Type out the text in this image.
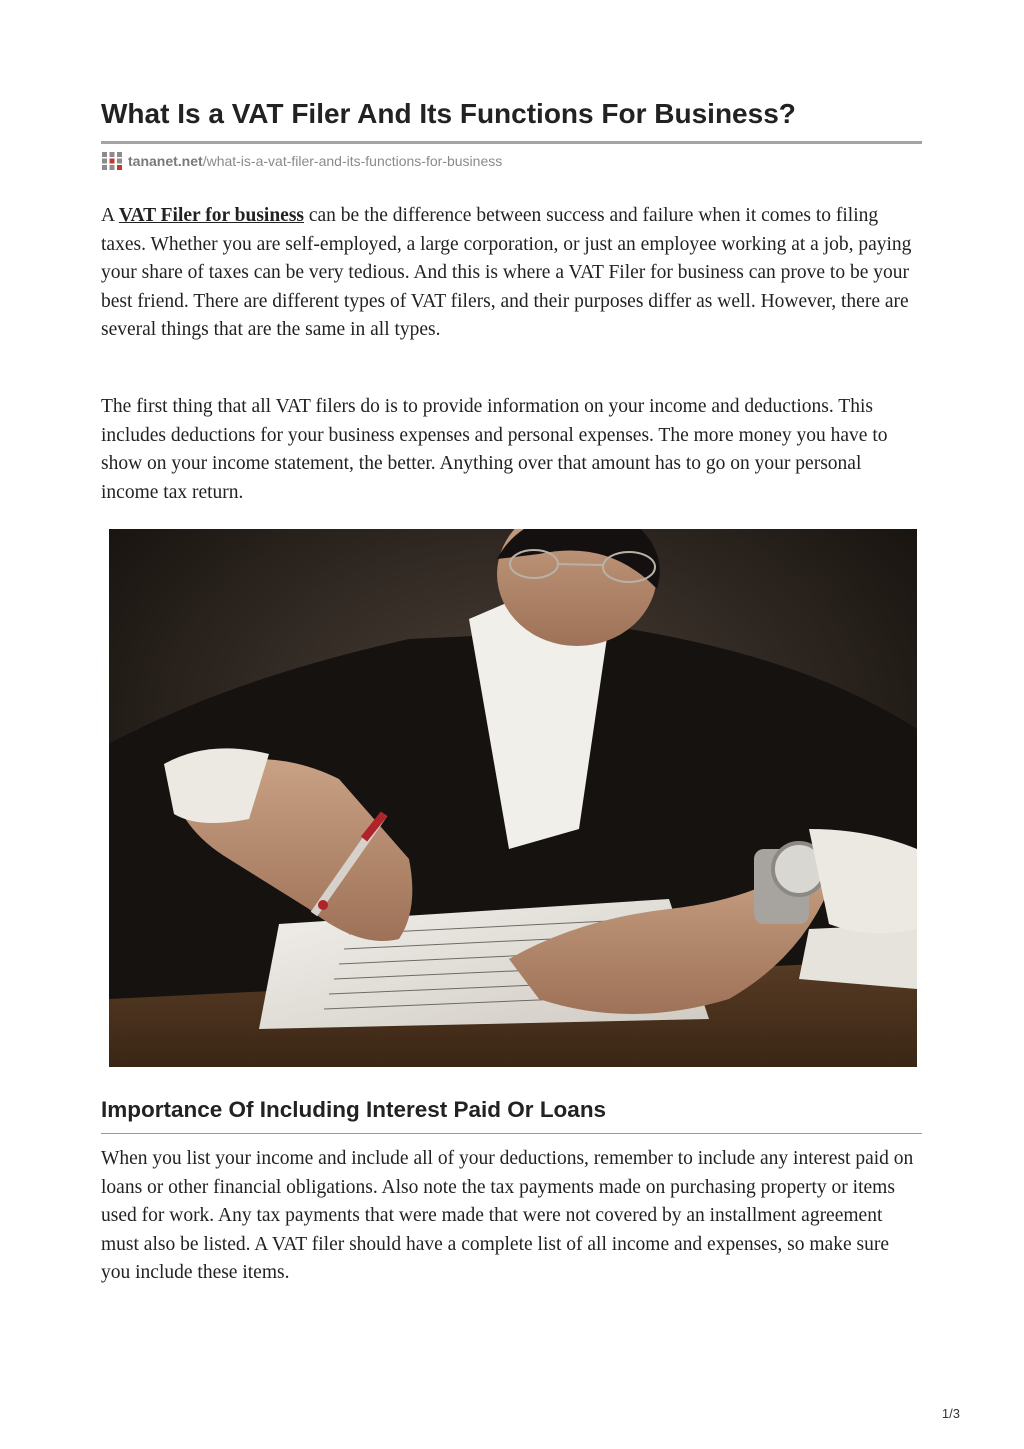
What Is a VAT Filer And Its Functions For Business?
tananet.net /what-is-a-vat-filer-and-its-functions-for-business

A VAT Filer for business can be the difference between success and failure when it comes to filing taxes. Whether you are self-employed, a large corporation, or just an employee working at a job, paying your share of taxes can be very tedious. And this is where a VAT Filer for business can prove to be your best friend. There are different types of VAT filers, and their purposes differ as well. However, there are several things that are the same in all types.

The first thing that all VAT filers do is to provide information on your income and deductions. This includes deductions for your business expenses and personal expenses. The more money you have to show on your income statement, the better. Anything over that amount has to go on your personal income tax return.

Importance Of Including Interest Paid Or Loans

When you list your income and include all of your deductions, remember to include any interest paid on loans or other financial obligations. Also note the tax payments made on purchasing property or items used for work. Any tax payments that were made that were not covered by an installment agreement must also be listed. A VAT filer should have a complete list of all income and expenses, so make sure you include these items.

1/3
